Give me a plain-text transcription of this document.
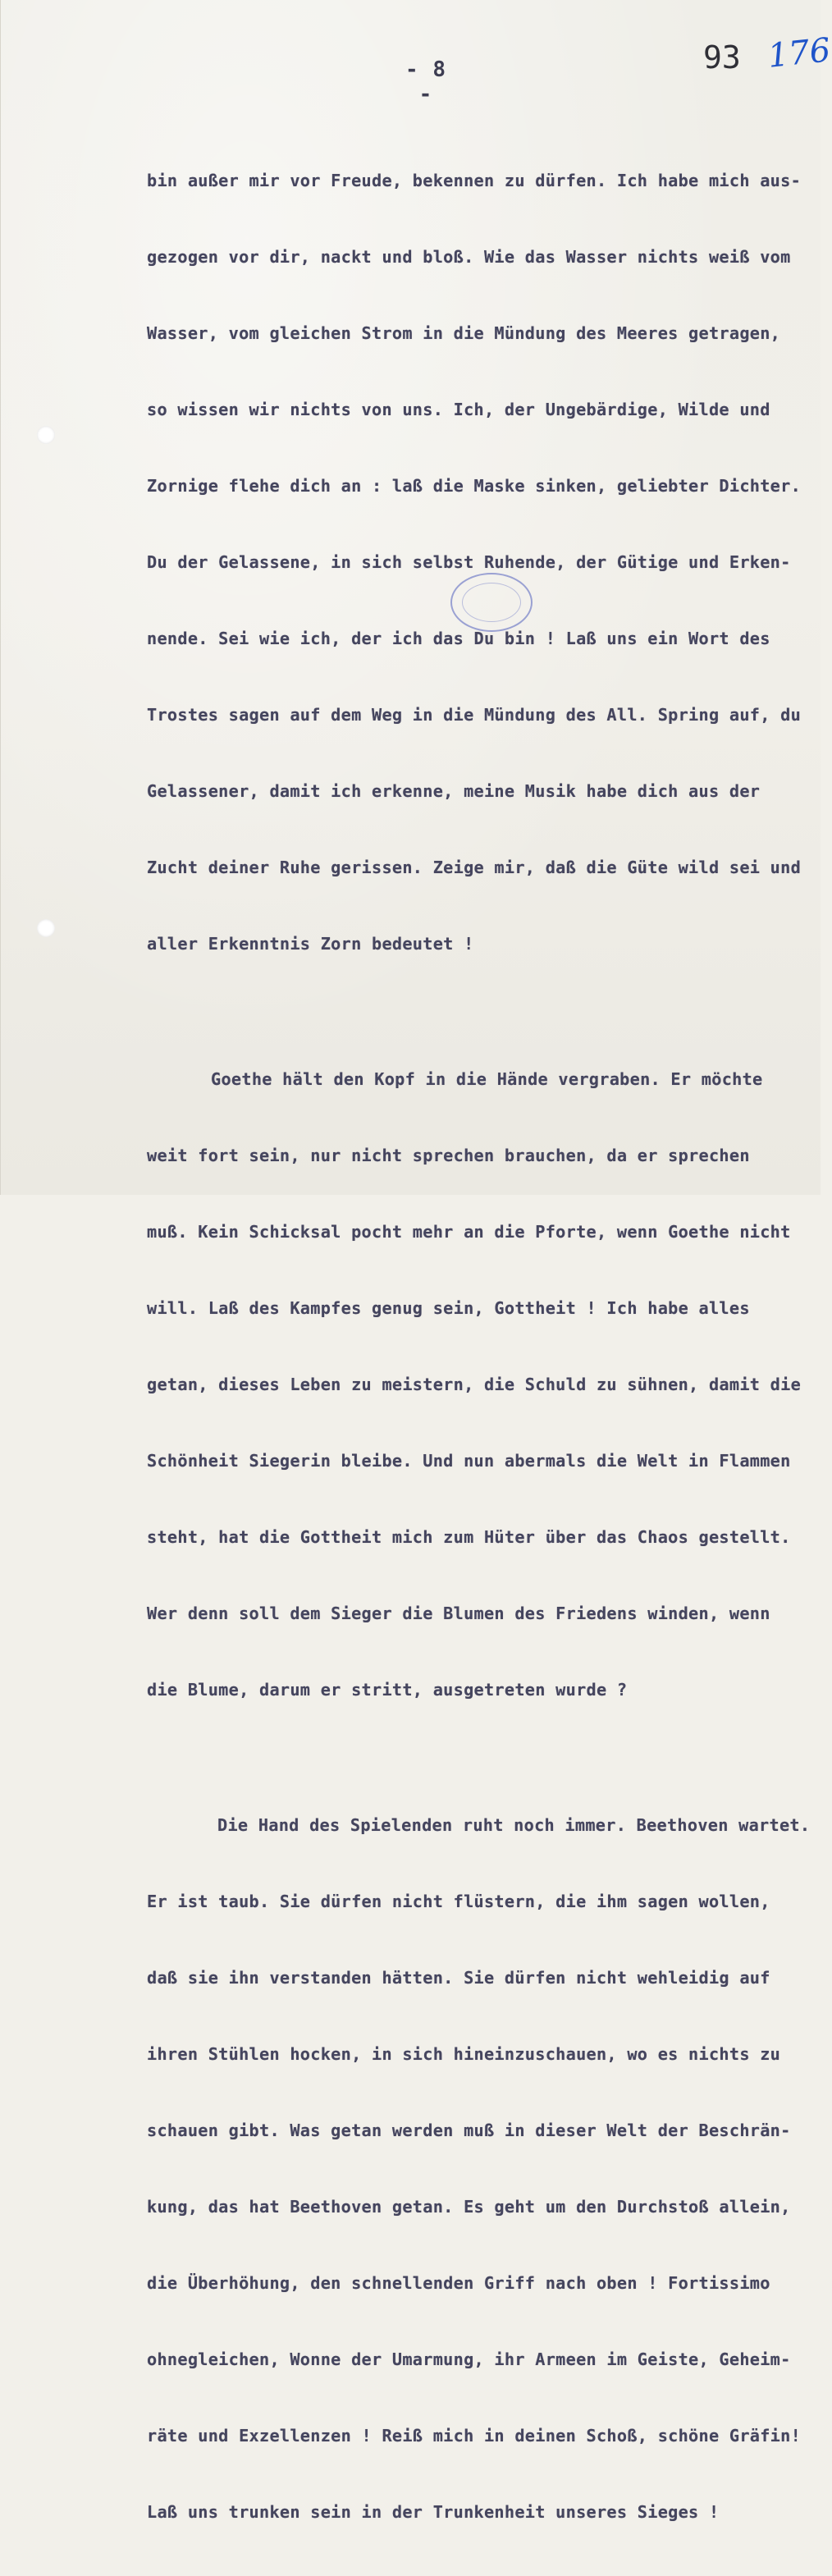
- 8 -
93 176

bin außer mir vor Freude, bekennen zu dürfen. Ich habe mich aus-

gezogen vor dir, nackt und bloß. Wie das Wasser nichts weiß vom

Wasser, vom gleichen Strom in die Mündung des Meeres getragen,

so wissen wir nichts von uns. Ich, der Ungebärdige, Wilde und

Zornige flehe dich an : laß die Maske sinken, geliebter Dichter.

Du der Gelassene, in sich selbst Ruhende, der Gütige und Erken-

nende. Sei wie ich, der ich das Du bin ! Laß uns ein Wort des

Trostes sagen auf dem Weg in die Mündung des All. Spring auf, du

Gelassener, damit ich erkenne, meine Musik habe dich aus der

Zucht deiner Ruhe gerissen. Zeige mir, daß die Güte wild sei und

aller Erkenntnis Zorn bedeutet !

Goethe hält den Kopf in die Hände vergraben. Er möchte

weit fort sein, nur nicht sprechen brauchen, da er sprechen

muß. Kein Schicksal pocht mehr an die Pforte, wenn Goethe nicht

will. Laß des Kampfes genug sein, Gottheit ! Ich habe alles

getan, dieses Leben zu meistern, die Schuld zu sühnen, damit die

Schönheit Siegerin bleibe. Und nun abermals die Welt in Flammen

steht, hat die Gottheit mich zum Hüter über das Chaos gestellt.

Wer denn soll dem Sieger die Blumen des Friedens winden, wenn

die Blume, darum er stritt, ausgetreten wurde ?

Die Hand des Spielenden ruht noch immer. Beethoven wartet.

Er ist taub. Sie dürfen nicht flüstern, die ihm sagen wollen,

daß sie ihn verstanden hätten. Sie dürfen nicht wehleidig auf

ihren Stühlen hocken, in sich hineinzuschauen, wo es nichts zu

schauen gibt. Was getan werden muß in dieser Welt der Beschrän-

kung, das hat Beethoven getan. Es geht um den Durchstoß allein,

die Überhöhung, den schnellenden Griff nach oben ! Fortissimo

ohnegleichen, Wonne der Umarmung, ihr Armeen im Geiste, Geheim-

räte und Exzellenzen ! Reiß mich in deinen Schoß, schöne Gräfin!

Laß uns trunken sein in der Trunkenheit unseres Sieges !
